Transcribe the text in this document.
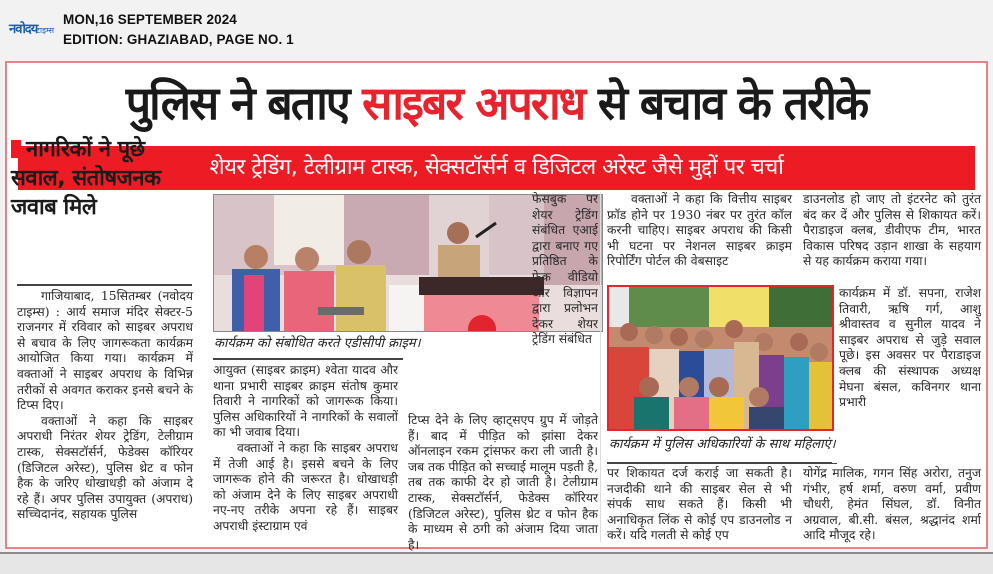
नवोदय
टाइम्स
MON,16 SEPTEMBER 2024
EDITION: GHAZIABAD, PAGE NO. 1
पुलिस ने बताए साइबर अपराध से बचाव के तरीके
शेयर ट्रेडिंग, टेलीग्राम टास्क, सेक्सटॉर्सर्न व डिजिटल अरेस्ट जैसे मुद्दों पर चर्चा
नागरिकों ने पूछे सवाल, संतोषजनक जवाब मिले

गाजियाबाद, 15सितम्बर (नवोदय टाइम्स) : आर्य समाज मंदिर सेक्टर-5 राजनगर में रविवार को साइबर अपराध से बचाव के लिए जागरूकता कार्यक्रम आयोजित किया गया। कार्यक्रम में वक्ताओं ने साइबर अपराध के विभिन्न तरीकों से अवगत कराकर इनसे बचने के टिप्स दिए।

वक्ताओं ने कहा कि साइबर अपराधी निरंतर शेयर ट्रेडिंग, टेलीग्राम टास्क, सेक्सटॉर्सर्न, फेडेक्स कॉरियर (डिजिटल अरेस्ट), पुलिस थ्रेट व फोन हैक के जरिए धोखाधड़ी को अंजाम दे रहे हैं। अपर पुलिस उपायुक्त (अपराध) सच्चिदानंद, सहायक पुलिस

कार्यक्रम को संबोधित करते एडीसीपी क्राइम।

आयुक्त (साइबर क्राइम) श्वेता यादव और थाना प्रभारी साइबर क्राइम संतोष कुमार तिवारी ने नागरिकों को जागरूक किया।पुलिस अधिकारियों ने नागरिकों के सवालों का भी जवाब दिया।

वक्ताओं ने कहा कि साइबर अपराध में तेजी आई है। इससे बचने के लिए जागरूक होने की जरूरत है। धोखाधड़ी को अंजाम देने के लिए साइबर अपराधी नए-नए तरीके अपना रहे हैं। साइबर अपराधी इंस्टाग्राम एवं

फेसबुक पर शेयर ट्रेडिंग संबंधित एआई द्वारा बनाए गए प्रतिष्ठित के फेक वीडियो और विज्ञापन द्वारा प्रलोभन देकर शेयर ट्रेडिंग संबंधित
टिप्स देने के लिए व्हाट्सएप ग्रुप में जोड़ते हैं। बाद में पीड़ित को झांसा देकर ऑनलाइन रकम ट्रांसफर करा ली जाती है। जब तक पीड़ित को सच्चाई मालूम पड़ती है, तब तक काफी देर हो जाती है। टेलीग्राम टास्क, सेक्सटॉर्सर्न, फेडेक्स कॉरियर (डिजिटल अरेस्ट), पुलिस थ्रेट व फोन हैक के माध्यम से ठगी को अंजाम दिया जाता है।

वक्ताओं ने कहा कि वित्तीय साइबर फ्रॉड होने पर 1930 नंबर पर तुरंत कॉल करनी चाहिए। साइबर अपराध की किसी भी घटना पर नेशनल साइबर क्राइम रिपोर्टिंग पोर्टल की वेबसाइट

कार्यक्रम में पुलिस अधिकारियों के साथ महिलाएं।
पर शिकायत दर्ज कराई जा सकती है। नजदीकी थाने की साइबर सेल से भी संपर्क साध सकते हैं। किसी भी अनाधिकृत लिंक से कोई एप डाउनलोड न करें। यदि गलती से कोई एप
डाउनलोड हो जाए तो इंटरनेट को तुरंत बंद कर दें और पुलिस से शिकायत करें। पैराडाइज क्लब, डीवीएफ टीम, भारत विकास परिषद उड़ान शाखा के सहयाग से यह कार्यक्रम कराया गया।
कार्यक्रम में डॉ. सपना, राजेश तिवारी, ऋषि गर्ग, आशु श्रीवास्तव व सुनील यादव ने साइबर अपराध से जुड़े सवाल पूछे। इस अवसर पर पैराडाइज क्लब की संस्थापक अध्यक्ष मेघना बंसल, कविनगर थाना प्रभारी
योगेंद्र मालिक, गगन सिंह अरोरा, तनुज गंभीर, हर्ष शर्मा, वरुण वर्मा, प्रवीण चौधरी, हेमंत सिंघल, डॉ. विनीत अग्रवाल, बी.सी. बंसल, श्रद्धानंद शर्मा आदि मौजूद रहे।
